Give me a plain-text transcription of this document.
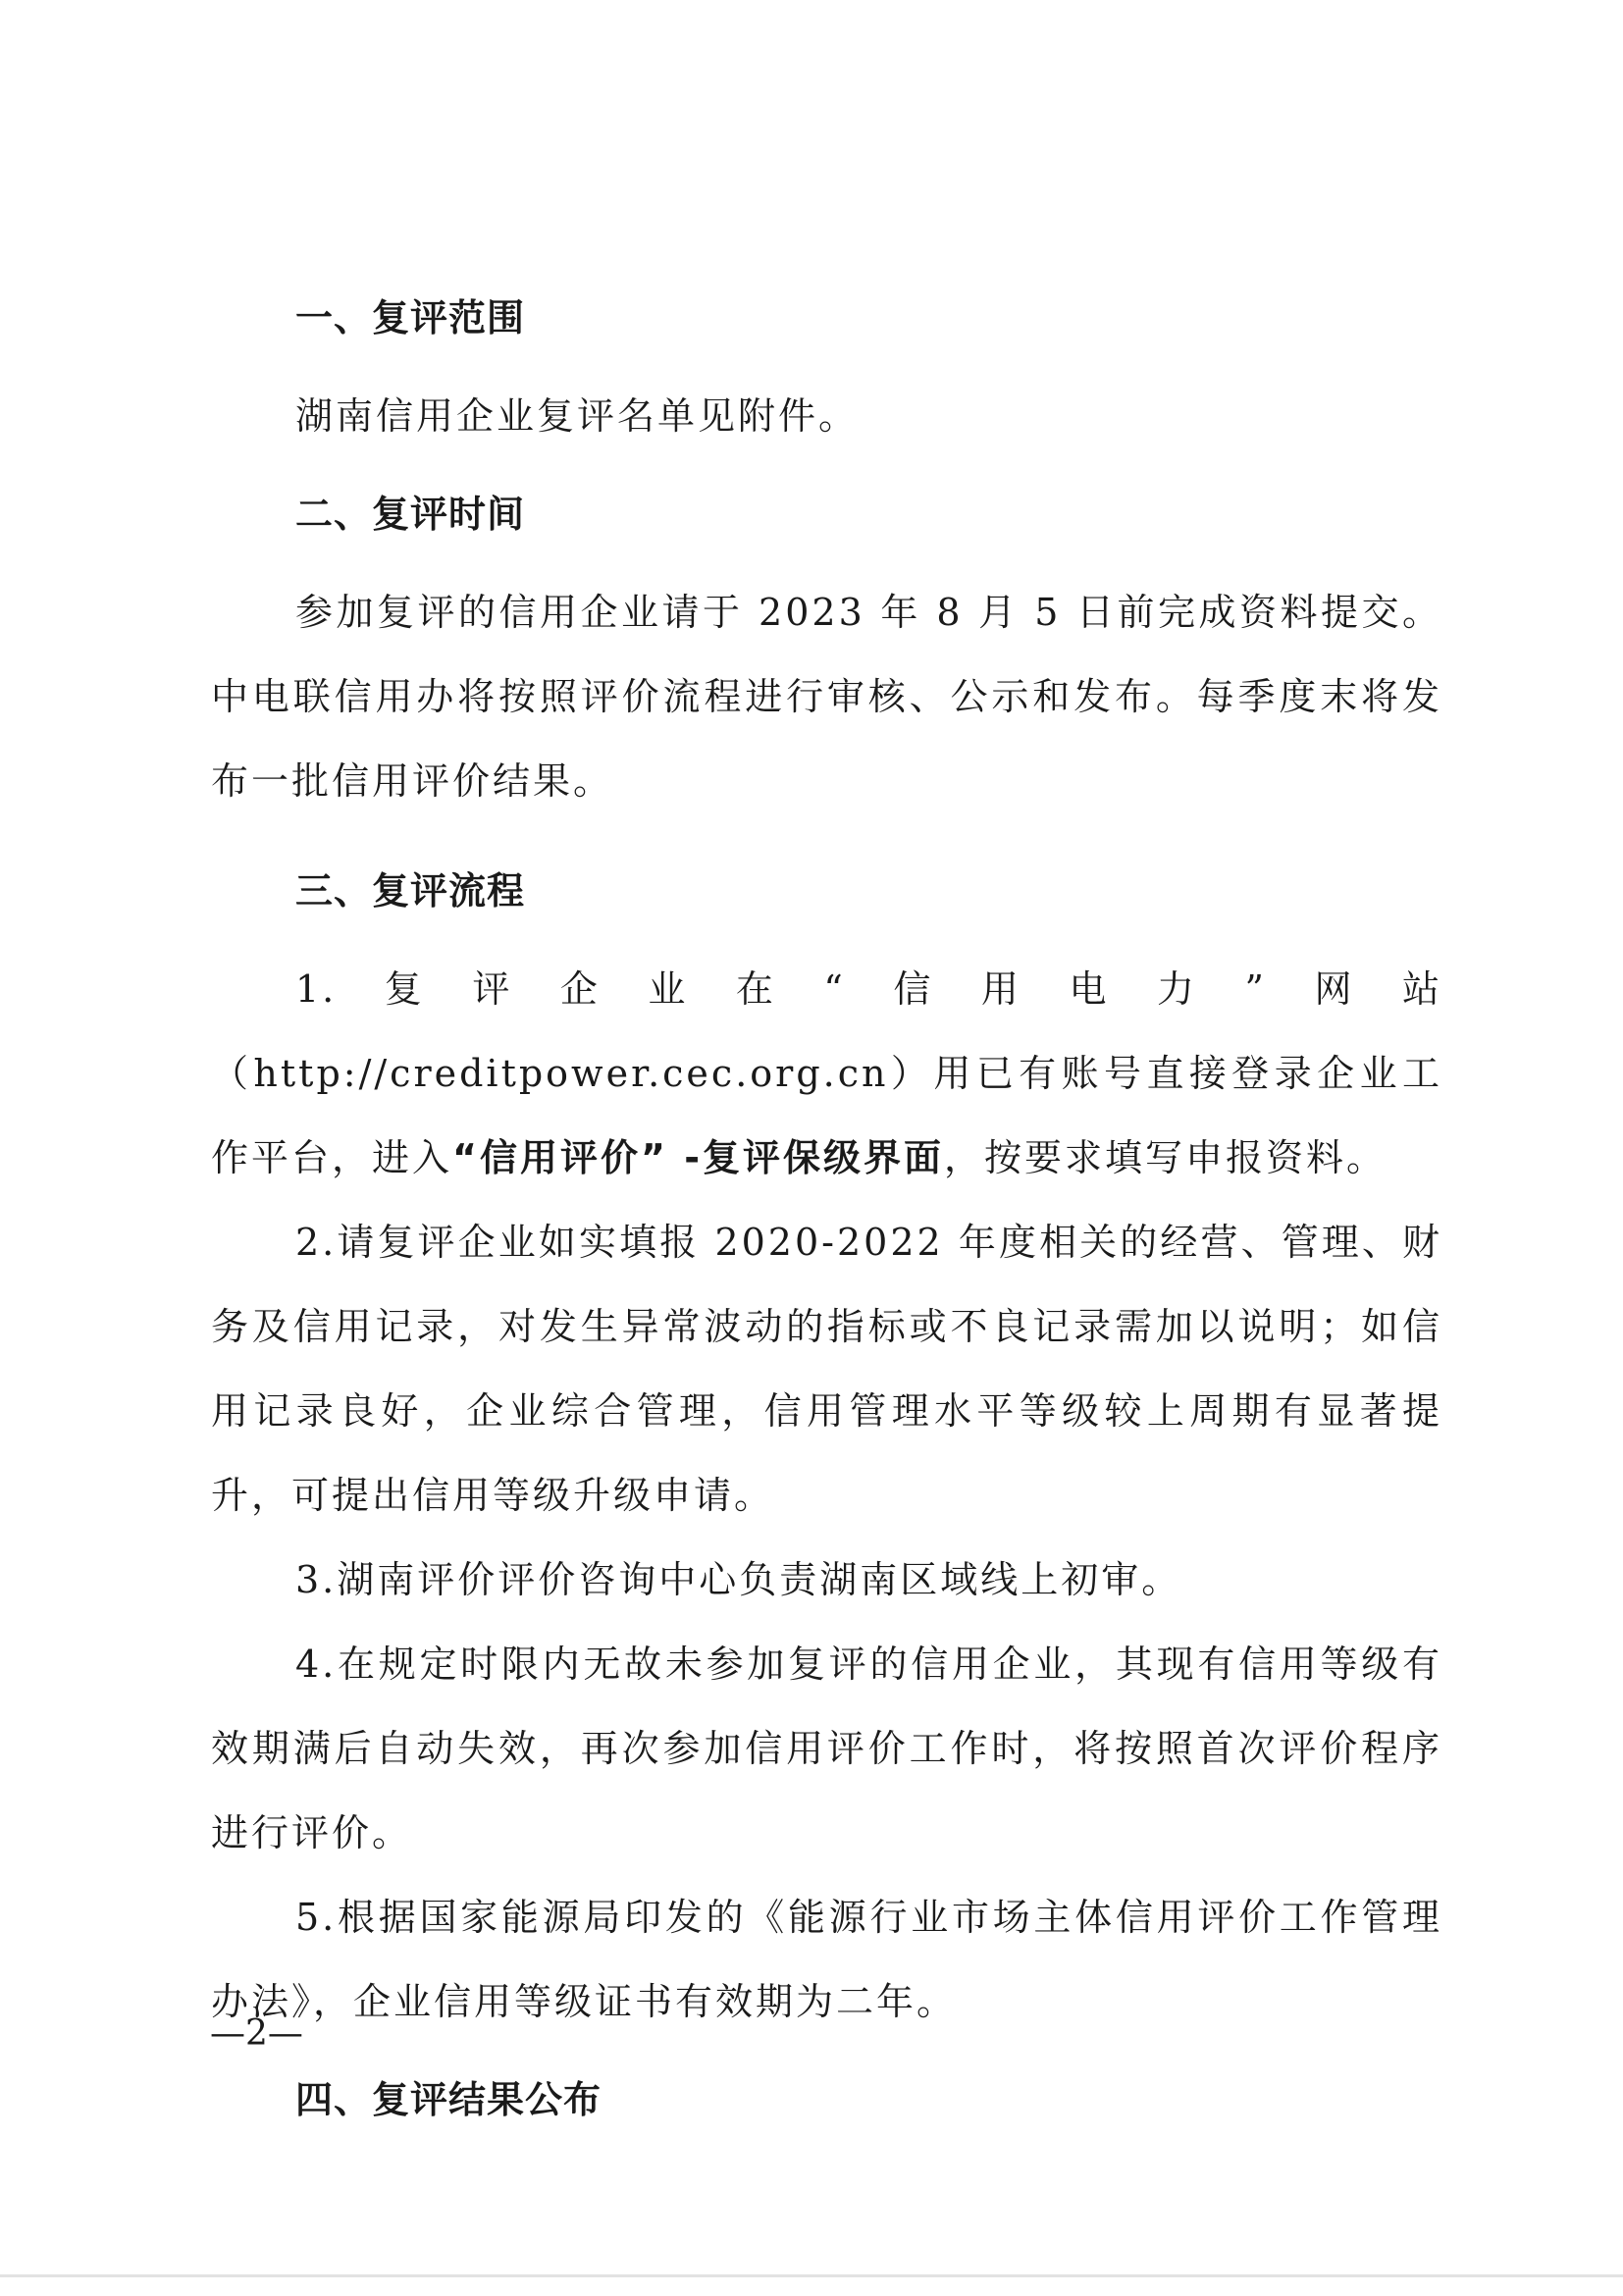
一、复评范围

湖南信用企业复评名单见附件。

二、复评时间

参加复评的信用企业请于 2023 年 8 月 5 日前完成资料提交。中电联信用办将按照评价流程进行审核、公示和发布。每季度末将发布一批信用评价结果。

三、复评流程

1.复评企业在“信用电力”网站（http://creditpower.cec.org.cn）用已有账号直接登录企业工作平台，进入“信用评价” -复评保级界面，按要求填写申报资料。

2.请复评企业如实填报 2020-2022 年度相关的经营、管理、财务及信用记录，对发生异常波动的指标或不良记录需加以说明；如信用记录良好，企业综合管理，信用管理水平等级较上周期有显著提升，可提出信用等级升级申请。

3.湖南评价评价咨询中心负责湖南区域线上初审。

4.在规定时限内无故未参加复评的信用企业，其现有信用等级有效期满后自动失效，再次参加信用评价工作时，将按照首次评价程序进行评价。

5.根据国家能源局印发的《能源行业市场主体信用评价工作管理办法》，企业信用等级证书有效期为二年。

四、复评结果公布
—2—
